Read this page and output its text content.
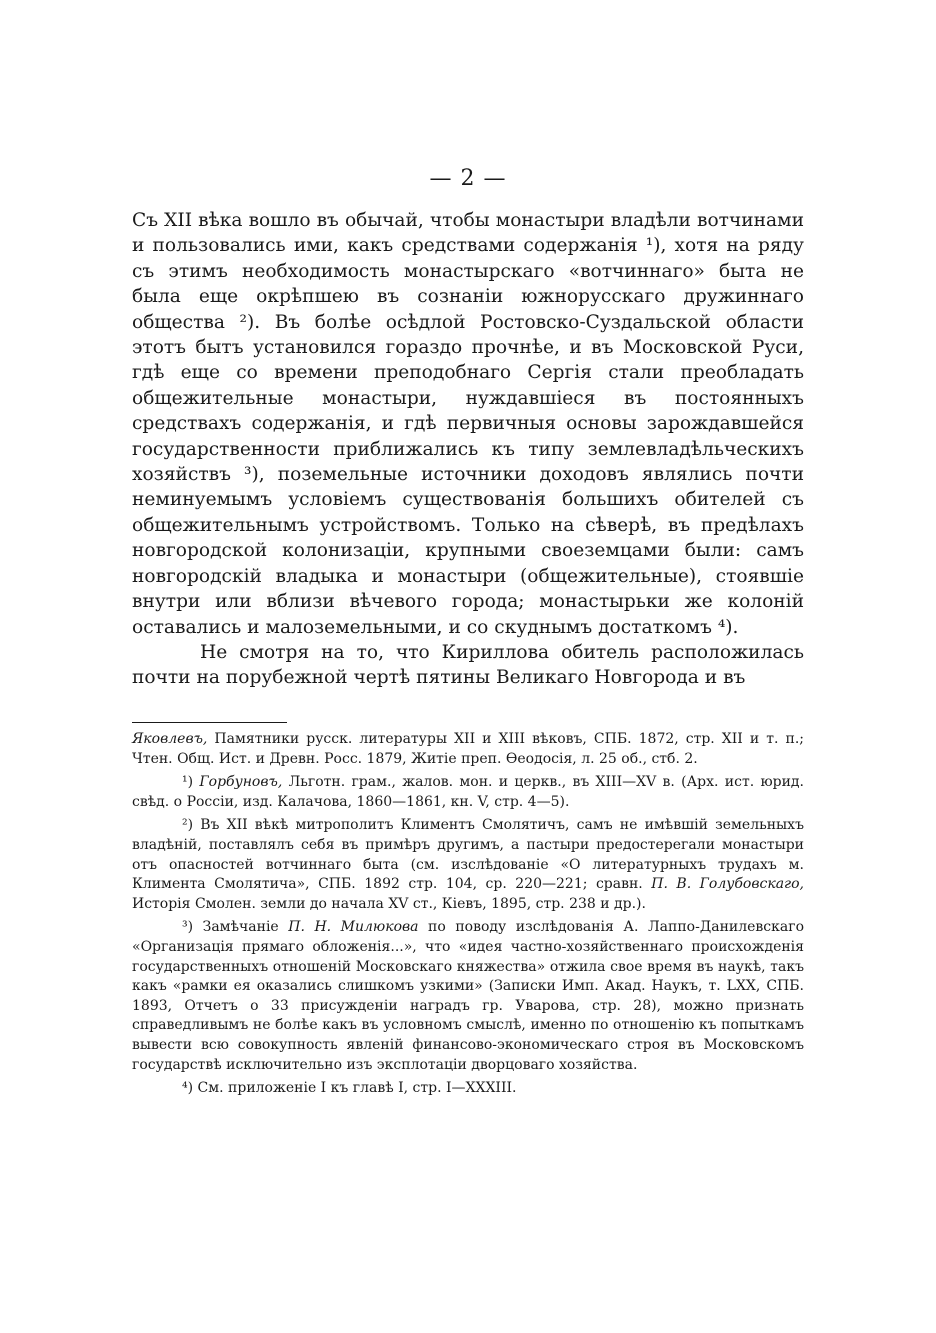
— 2 —

Съ XII вѣка вошло въ обычай, чтобы монастыри владѣли вотчинами и пользовались ими, какъ средствами содержанія ¹), хотя на ряду съ этимъ необходимость монастырскаго «вотчиннаго» быта не была еще окрѣпшею въ сознаніи южнорусскаго дружиннаго общества ²). Въ болѣе осѣдлой Ростовско-Суздальской области этотъ бытъ установился гораздо прочнѣе, и въ Московской Руси, гдѣ еще со времени преподобнаго Сергія стали преобладать общежительные монастыри, нуждавшіеся въ постоянныхъ средствахъ содержанія, и гдѣ первичныя основы зарождавшейся государственности приближались къ типу землевладѣльческихъ хозяйствъ ³), поземельные источники доходовъ являлись почти неминуемымъ условіемъ существованія большихъ обителей съ общежительнымъ устройствомъ. Только на сѣверѣ, въ предѣлахъ новгородской колонизаціи, крупными своеземцами были: самъ новгородскій владыка и монастыри (общежительные), стоявшіе внутри или вблизи вѣчевого города; монастырьки же колоній оставались и малоземельными, и со скуднымъ достаткомъ ⁴).

Не смотря на то, что Кириллова обитель расположилась почти на порубежной чертѣ пятины Великаго Новгорода и въ

Яковлевъ, Памятники русск. литературы XII и XIII вѣковъ, СПБ. 1872, стр. XII и т. п.; Чтен. Общ. Ист. и Древн. Росс. 1879, Житіе преп. Ѳеодосія, л. 25 об., стб. 2.

¹) Горбуновъ, Льготн. грам., жалов. мон. и церкв., въ XIII—XV в. (Арх. ист. юрид. свѣд. о Россіи, изд. Калачова, 1860—1861, кн. V, стр. 4—5).

²) Въ XII вѣкѣ митрополитъ Климентъ Смолятичъ, самъ не имѣвшій земельныхъ владѣній, поставлялъ себя въ примѣръ другимъ, а пастыри предостерегали монастыри отъ опасностей вотчиннаго быта (см. изслѣдованіе «О литературныхъ трудахъ м. Климента Смолятича», СПБ. 1892 стр. 104, ср. 220—221; сравн. П. В. Голубовскаго, Исторія Смолен. земли до начала XV ст., Кіевъ, 1895, стр. 238 и др.).

³) Замѣчаніе П. Н. Милюкова по поводу изслѣдованія А. Лаппо-Данилевскаго «Организація прямаго обложенія...», что «идея частно-хозяйственнаго происхожденія государственныхъ отношеній Московскаго княжества» отжила свое время въ наукѣ, такъ какъ «рамки ея оказались слишкомъ узкими» (Записки Имп. Акад. Наукъ, т. LXX, СПБ. 1893, Отчетъ о 33 присужденіи наградъ гр. Уварова, стр. 28), можно признать справедливымъ не болѣе какъ въ условномъ смыслѣ, именно по отношенію къ попыткамъ вывести всю совокупность явленій финансово-экономическаго строя въ Московскомъ государствѣ исключительно изъ эксплотаціи дворцоваго хозяйства.

⁴) См. приложеніе I къ главѣ I, стр. I—XXXIII.
